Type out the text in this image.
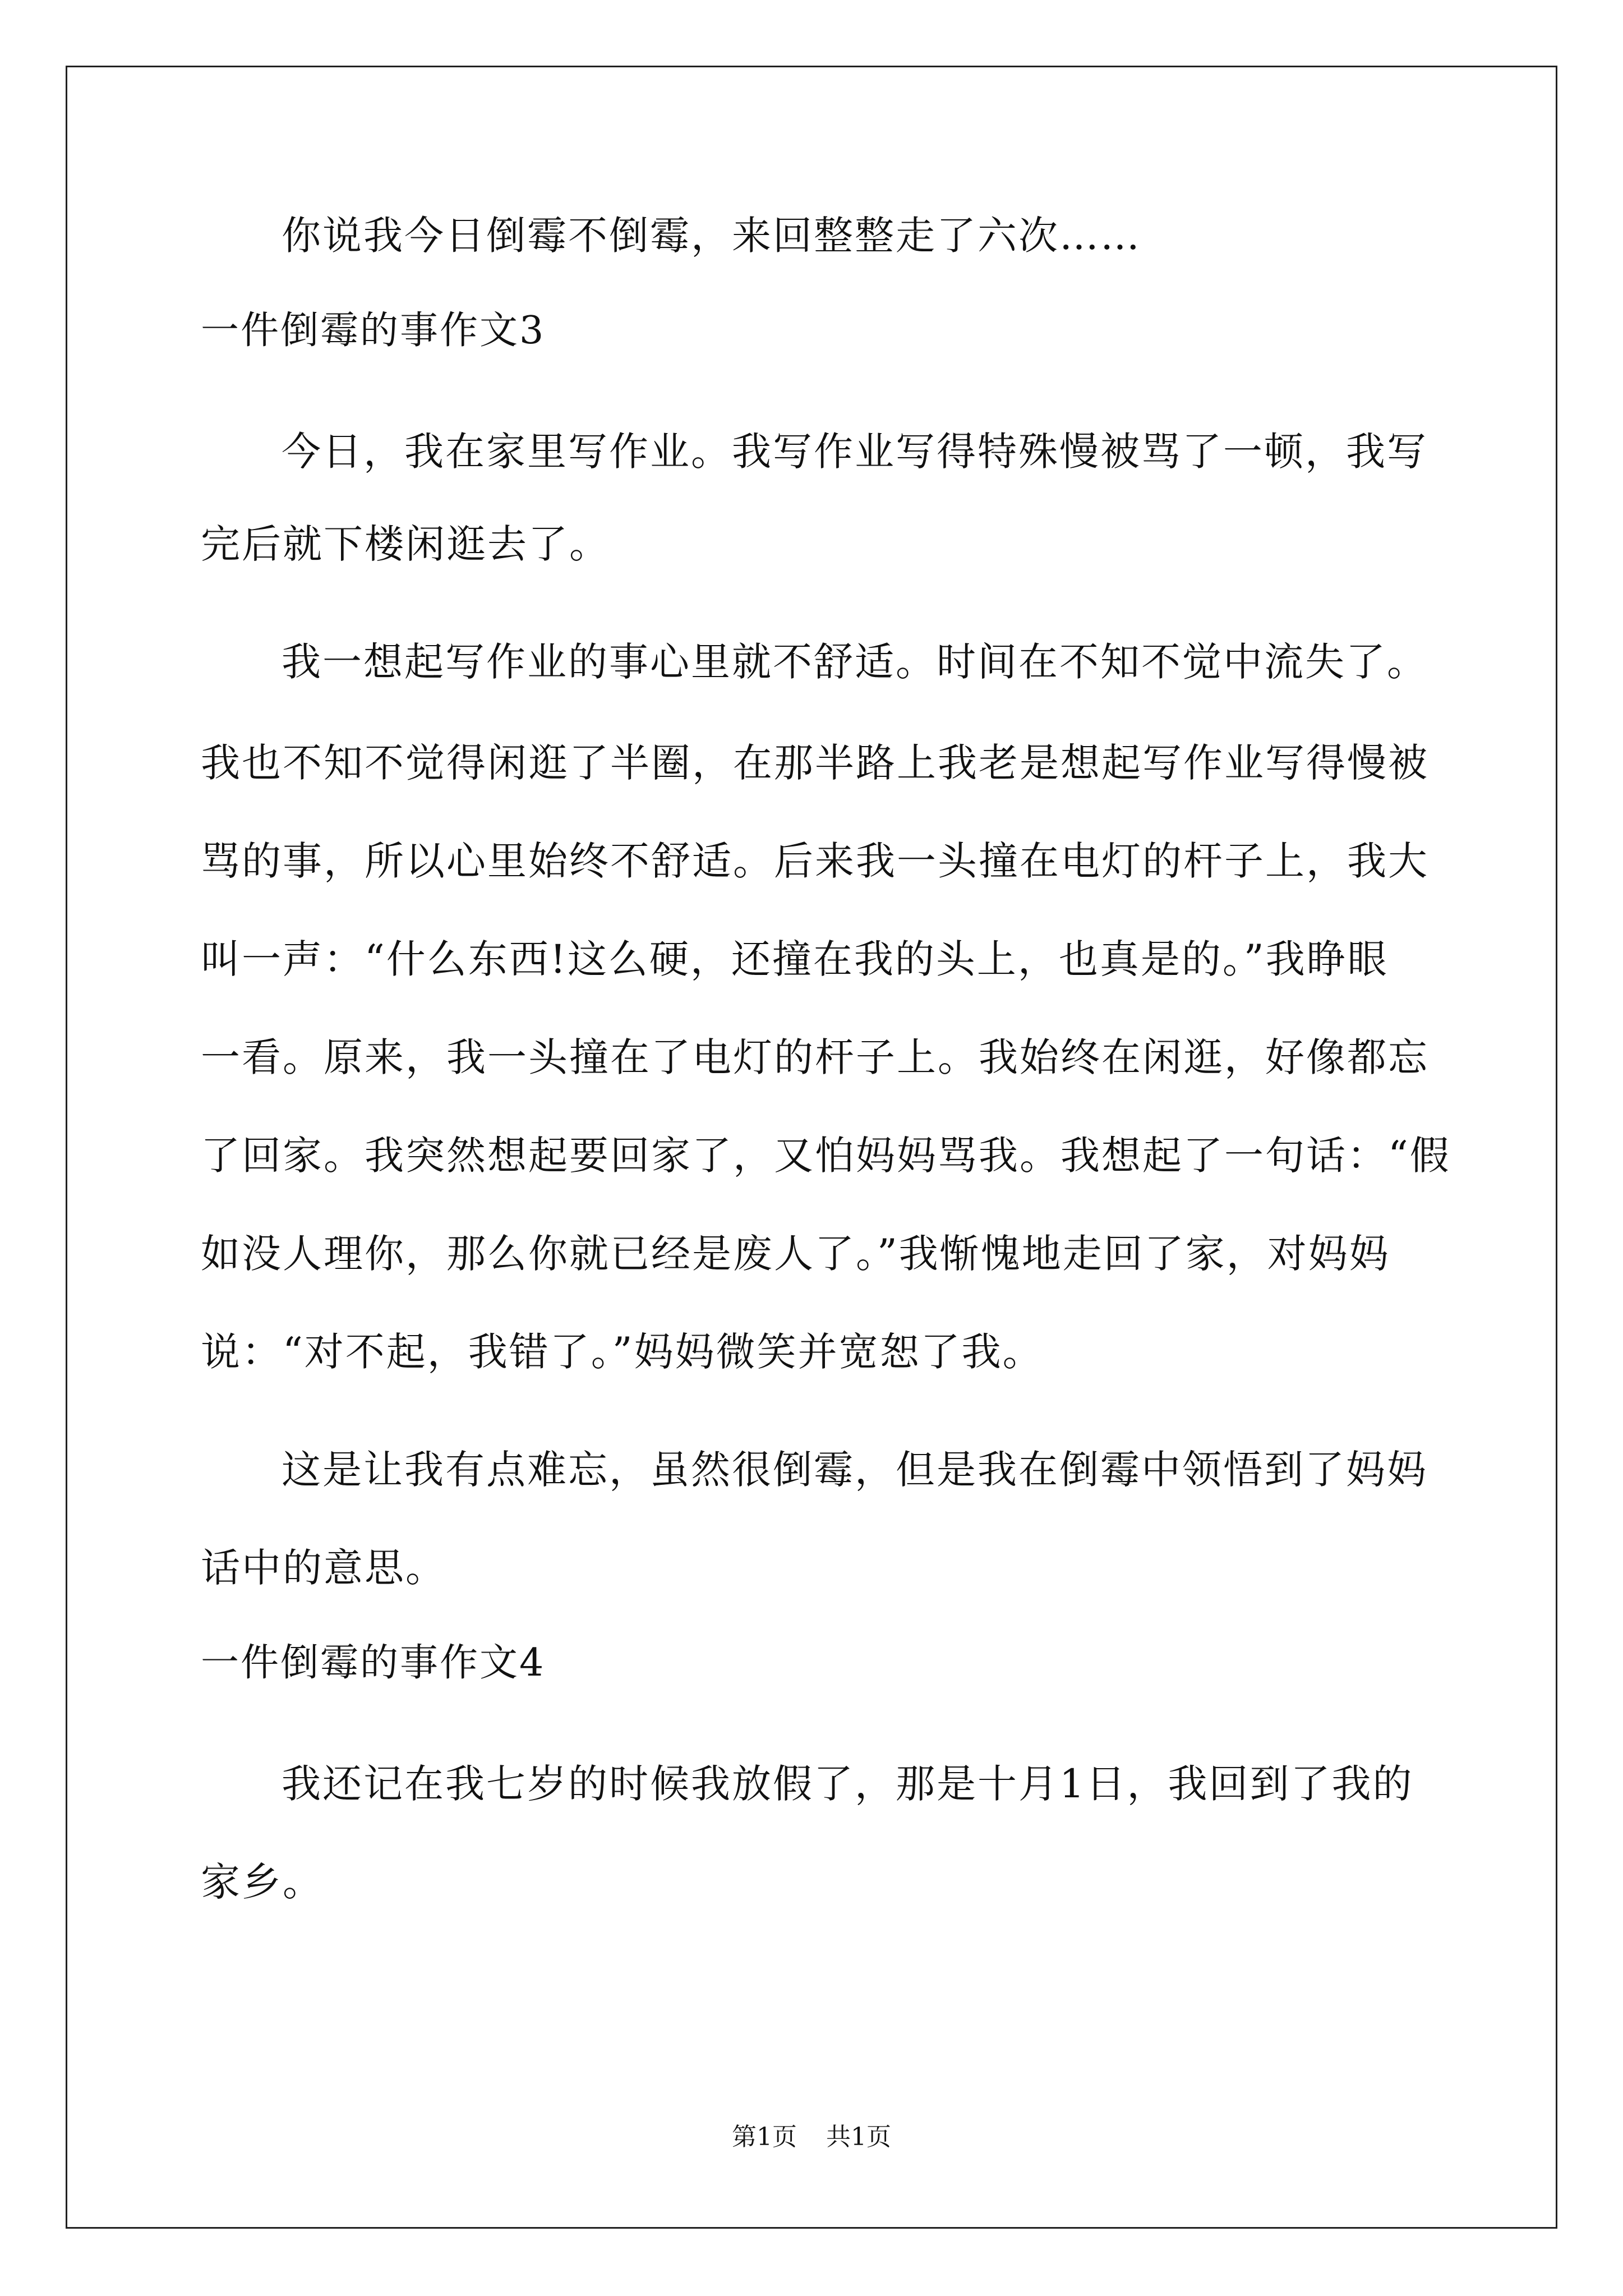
你说我今日倒霉不倒霉，来回整整走了六次……
一件倒霉的事作文3
今日，我在家里写作业。我写作业写得特殊慢被骂了一顿，我写
完后就下楼闲逛去了。
我一想起写作业的事心里就不舒适。时间在不知不觉中流失了。
我也不知不觉得闲逛了半圈，在那半路上我老是想起写作业写得慢被
骂的事，所以心里始终不舒适。后来我一头撞在电灯的杆子上，我大
叫一声：“什么东西!这么硬，还撞在我的头上，也真是的。”我睁眼
一看。原来，我一头撞在了电灯的杆子上。我始终在闲逛，好像都忘
了回家。我突然想起要回家了，又怕妈妈骂我。我想起了一句话：“假
如没人理你，那么你就已经是废人了。”我惭愧地走回了家，对妈妈
说：“对不起，我错了。”妈妈微笑并宽恕了我。
这是让我有点难忘，虽然很倒霉，但是我在倒霉中领悟到了妈妈
话中的意思。
一件倒霉的事作文4
我还记在我七岁的时候我放假了，那是十月1日，我回到了我的
家乡。
第1页 共1页
